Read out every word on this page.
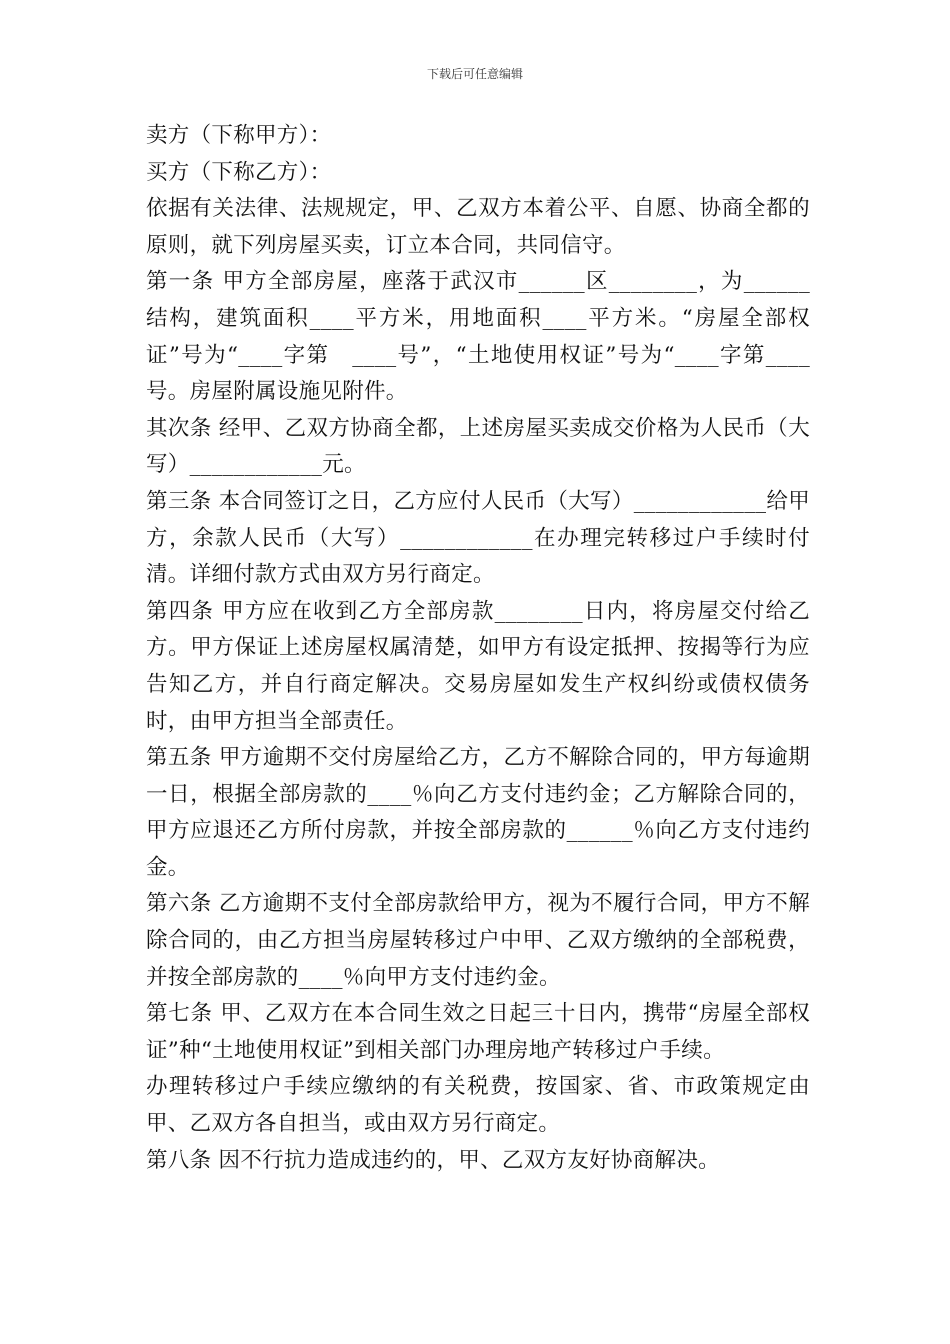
下载后可任意编辑

卖方（下称甲方）：

买方（下称乙方）：

依据有关法律、法规规定，甲、乙双方本着公平、自愿、协商全都的原则，就下列房屋买卖，订立本合同，共同信守。

第一条 甲方全部房屋，座落于武汉市______区________，为______结构，建筑面积____平方米，用地面积____平方米。“房屋全部权证”号为“____字第　____号”，“土地使用权证”号为“____字第____号。房屋附属设施见附件。

其次条 经甲、乙双方协商全都，上述房屋买卖成交价格为人民币（大写）____________元。

第三条 本合同签订之日，乙方应付人民币（大写）____________给甲方，余款人民币（大写）____________在办理完转移过户手续时付清。详细付款方式由双方另行商定。

第四条 甲方应在收到乙方全部房款________日内，将房屋交付给乙方。甲方保证上述房屋权属清楚，如甲方有设定抵押、按揭等行为应告知乙方，并自行商定解决。交易房屋如发生产权纠纷或债权债务时，由甲方担当全部责任。

第五条 甲方逾期不交付房屋给乙方，乙方不解除合同的，甲方每逾期一日，根据全部房款的____％向乙方支付违约金；乙方解除合同的，甲方应退还乙方所付房款，并按全部房款的______％向乙方支付违约金。

第六条 乙方逾期不支付全部房款给甲方，视为不履行合同，甲方不解除合同的，由乙方担当房屋转移过户中甲、乙双方缴纳的全部税费，并按全部房款的____％向甲方支付违约金。

第七条 甲、乙双方在本合同生效之日起三十日内，携带“房屋全部权证”种“土地使用权证”到相关部门办理房地产转移过户手续。

办理转移过户手续应缴纳的有关税费，按国家、省、市政策规定由甲、乙双方各自担当，或由双方另行商定。

第八条 因不行抗力造成违约的，甲、乙双方友好协商解决。
